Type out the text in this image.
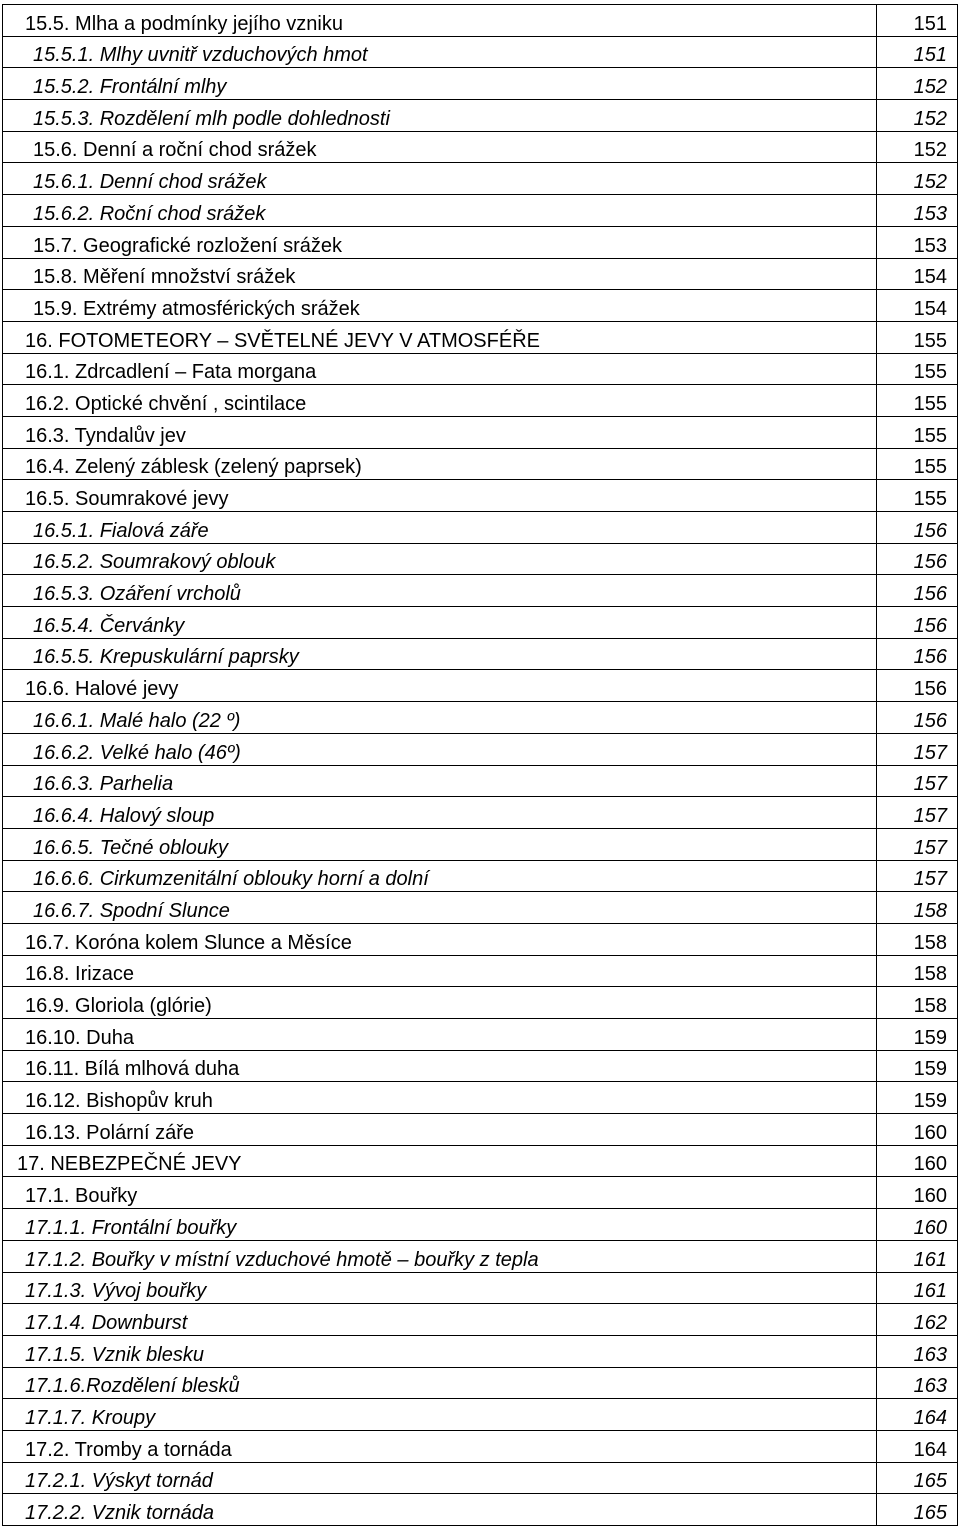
15.5. Mlha a podmínky jejího vzniku	151
15.5.1. Mlhy uvnitř vzduchových hmot	151
15.5.2. Frontální mlhy	152
15.5.3. Rozdělení mlh podle dohlednosti	152
15.6. Denní a roční chod srážek	152
15.6.1. Denní chod srážek	152
15.6.2. Roční chod srážek	153
15.7. Geografické rozložení srážek	153
15.8. Měření množství srážek	154
15.9. Extrémy atmosférických srážek	154
16. FOTOMETEORY – SVĚTELNÉ JEVY V ATMOSFÉŘE	155
16.1. Zdrcadlení – Fata morgana	155
16.2. Optické chvění , scintilace	155
16.3. Tyndalův jev	155
16.4. Zelený záblesk (zelený paprsek)	155
16.5. Soumrakové jevy	155
16.5.1. Fialová záře	156
16.5.2. Soumrakový oblouk	156
16.5.3. Ozáření vrcholů	156
16.5.4. Červánky	156
16.5.5. Krepuskulární paprsky	156
16.6. Halové jevy	156
16.6.1. Malé halo (22 º)	156
16.6.2. Velké halo (46º)	157
16.6.3. Parhelia	157
16.6.4. Halový sloup	157
16.6.5. Tečné oblouky	157
16.6.6. Cirkumzenitální oblouky horní a dolní	157
16.6.7. Spodní Slunce	158
16.7. Koróna kolem Slunce a Měsíce	158
16.8. Irizace	158
16.9. Gloriola (glórie)	158
16.10. Duha	159
16.11. Bílá mlhová duha	159
16.12. Bishopův kruh	159
16.13. Polární záře	160
17. NEBEZPEČNÉ JEVY	160
17.1. Bouřky	160
17.1.1. Frontální bouřky	160
17.1.2. Bouřky v místní vzduchové hmotě – bouřky z tepla	161
17.1.3. Vývoj bouřky	161
17.1.4. Downburst	162
17.1.5. Vznik blesku	163
17.1.6.Rozdělení blesků	163
17.1.7. Kroupy	164
17.2. Tromby a tornáda	164
17.2.1. Výskyt tornád	165
17.2.2. Vznik tornáda	165
